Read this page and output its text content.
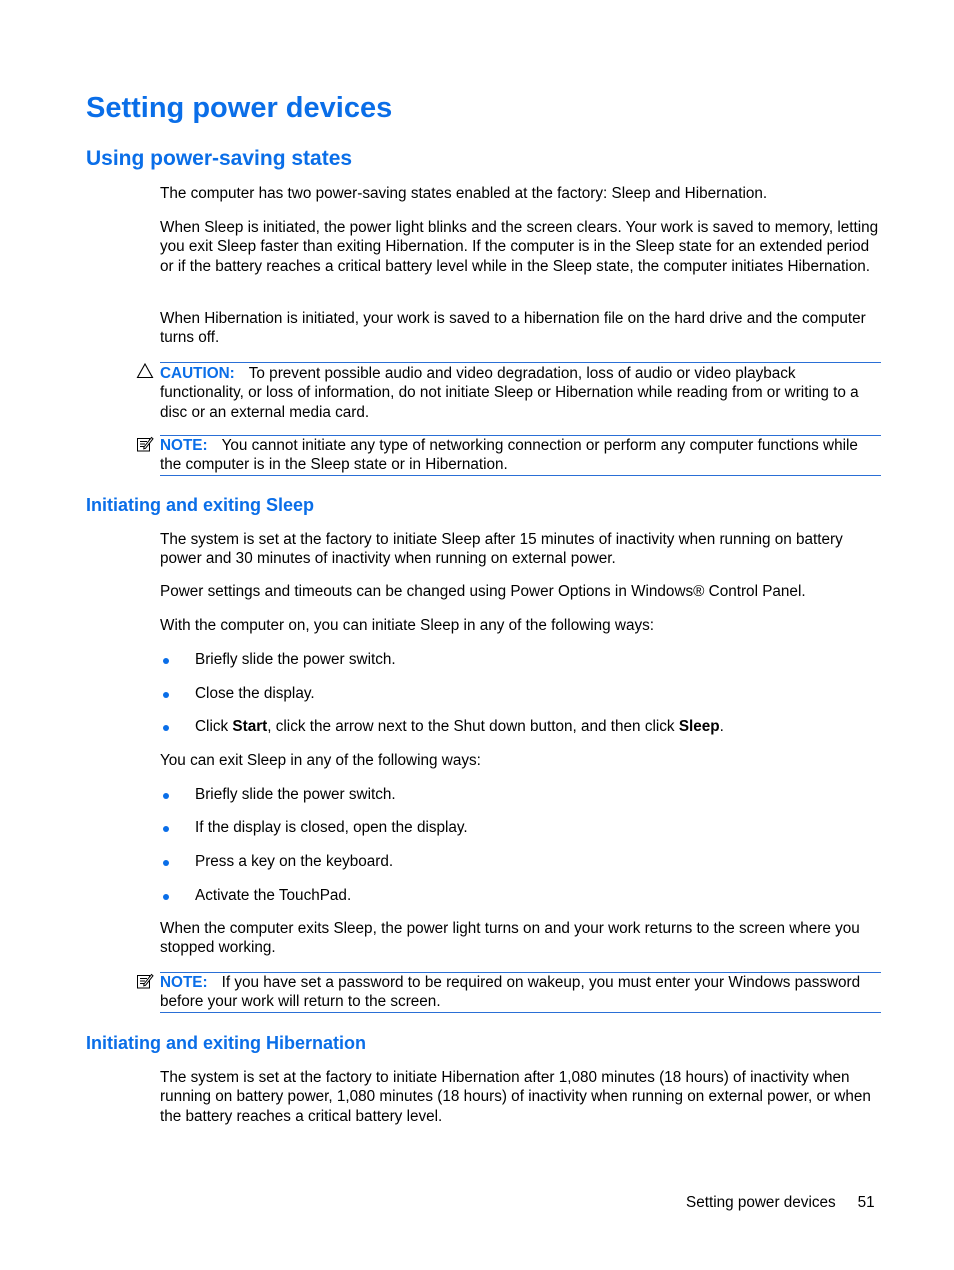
Setting power devices
Using power-saving states

The computer has two power-saving states enabled at the factory: Sleep and Hibernation.

When Sleep is initiated, the power light blinks and the screen clears. Your work is saved to memory, letting you exit Sleep faster than exiting Hibernation. If the computer is in the Sleep state for an extended period or if the battery reaches a critical battery level while in the Sleep state, the computer initiates Hibernation.

When Hibernation is initiated, your work is saved to a hibernation file on the hard drive and the computer turns off.

CAUTION: To prevent possible audio and video degradation, loss of audio or video playback functionality, or loss of information, do not initiate Sleep or Hibernation while reading from or writing to a disc or an external media card.
NOTE: You cannot initiate any type of networking connection or perform any computer functions while the computer is in the Sleep state or in Hibernation.
Initiating and exiting Sleep

The system is set at the factory to initiate Sleep after 15 minutes of inactivity when running on battery power and 30 minutes of inactivity when running on external power.

Power settings and timeouts can be changed using Power Options in Windows® Control Panel.

With the computer on, you can initiate Sleep in any of the following ways:

Briefly slide the power switch.

Close the display.

Click Start, click the arrow next to the Shut down button, and then click Sleep.

You can exit Sleep in any of the following ways:

Briefly slide the power switch.

If the display is closed, open the display.

Press a key on the keyboard.

Activate the TouchPad.

When the computer exits Sleep, the power light turns on and your work returns to the screen where you stopped working.

NOTE: If you have set a password to be required on wakeup, you must enter your Windows password before your work will return to the screen.
Initiating and exiting Hibernation

The system is set at the factory to initiate Hibernation after 1,080 minutes (18 hours) of inactivity when running on battery power, 1,080 minutes (18 hours) of inactivity when running on external power, or when the battery reaches a critical battery level.

Setting power devices 51
